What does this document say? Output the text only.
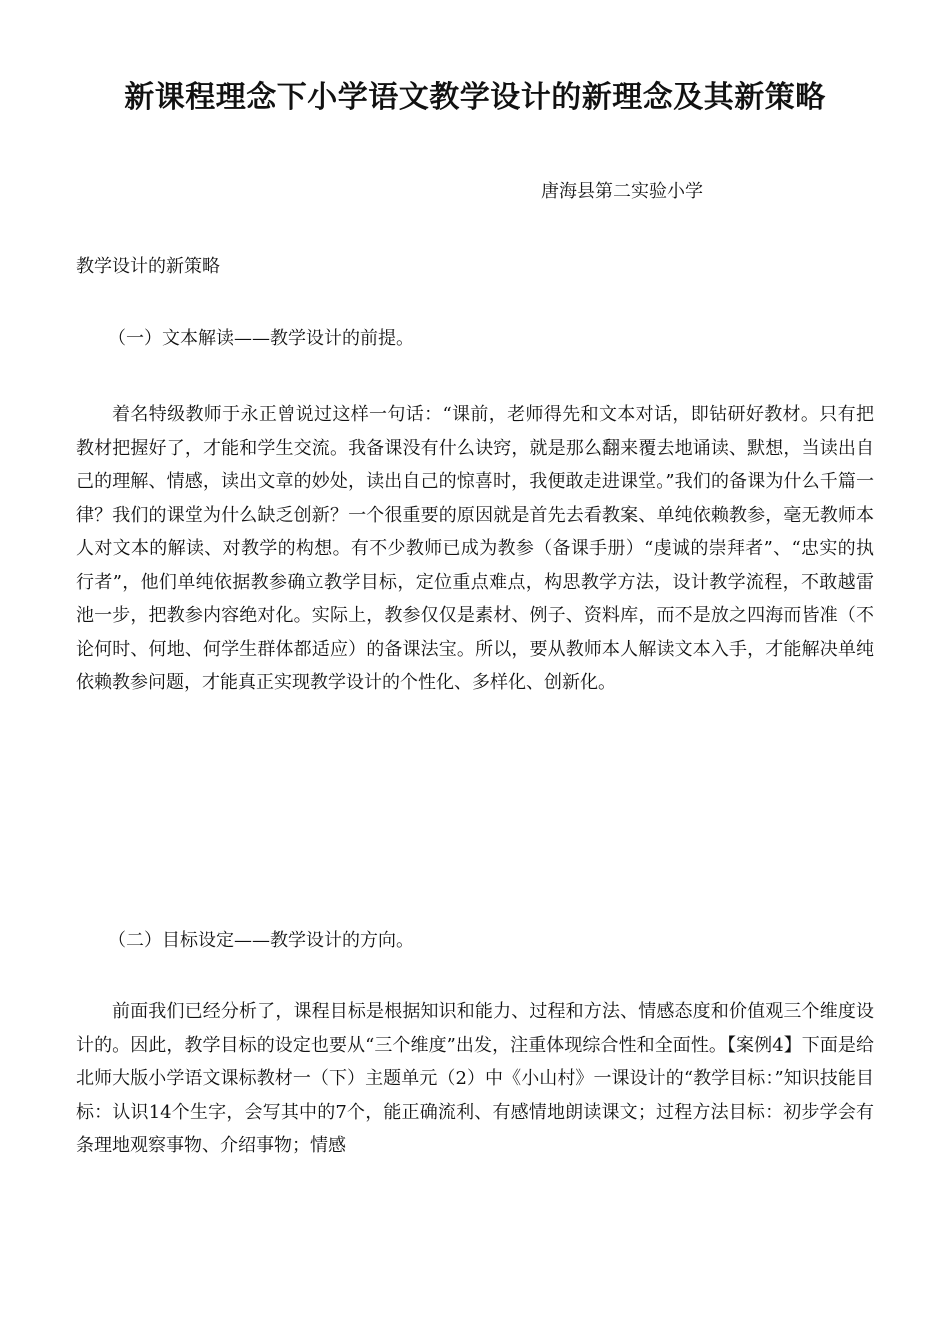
新课程理念下小学语文教学设计的新理念及其新策略
唐海县第二实验小学
教学设计的新策略
（一）文本解读——教学设计的前提。

着名特级教师于永正曾说过这样一句话：“课前，老师得先和文本对话，即钻研好教材。只有把教材把握好了，才能和学生交流。我备课没有什么诀窍，就是那么翻来覆去地诵读、默想，当读出自己的理解、情感，读出文章的妙处，读出自己的惊喜时，我便敢走进课堂。”我们的备课为什么千篇一律？我们的课堂为什么缺乏创新？一个很重要的原因就是首先去看教案、单纯依赖教参，毫无教师本人对文本的解读、对教学的构想。有不少教师已成为教参（备课手册）“虔诚的崇拜者”、“忠实的执行者”，他们单纯依据教参确立教学目标，定位重点难点，构思教学方法，设计教学流程，不敢越雷池一步，把教参内容绝对化。实际上，教参仅仅是素材、例子、资料库，而不是放之四海而皆准（不论何时、何地、何学生群体都适应）的备课法宝。所以，要从教师本人解读文本入手，才能解决单纯依赖教参问题，才能真正实现教学设计的个性化、多样化、创新化。

（二）目标设定——教学设计的方向。

前面我们已经分析了，课程目标是根据知识和能力、过程和方法、情感态度和价值观三个维度设计的。因此，教学目标的设定也要从“三个维度”出发，注重体现综合性和全面性。【案例4】下面是给北师大版小学语文课标教材一（下）主题单元（2）中《小山村》一课设计的“教学目标：”知识技能目标：认识14个生字，会写其中的7个，能正确流利、有感情地朗读课文；过程方法目标：初步学会有条理地观察事物、介绍事物；情感
